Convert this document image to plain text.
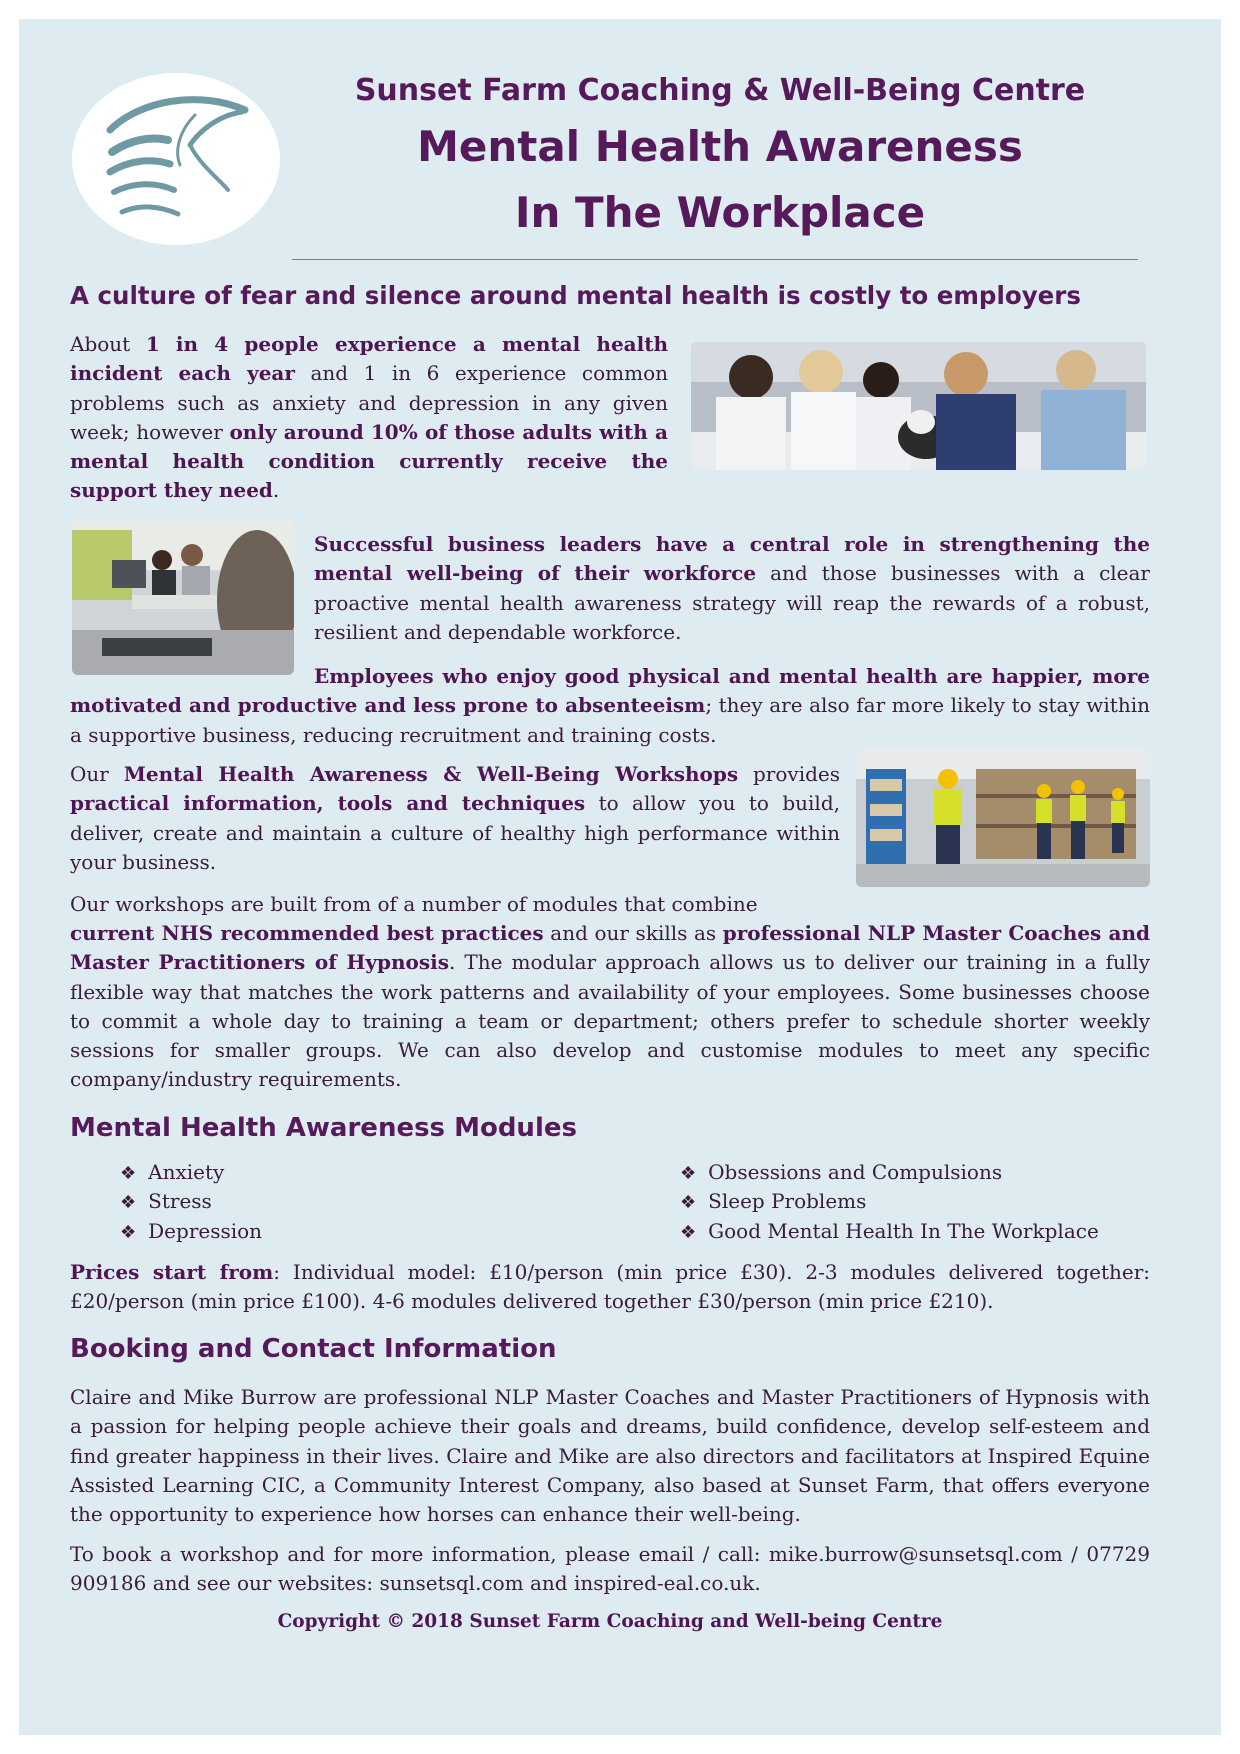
Sunset Farm Coaching & Well-Being Centre
Mental Health Awareness
In The Workplace
A culture of fear and silence around mental health is costly to employers

About 1 in 4 people experience a mental health incident each year and 1 in 6 experience common problems such as anxiety and depression in any given week; however only around 10% of those adults with a mental health condition currently receive the support they need.

Successful business leaders have a central role in strengthening the mental well-being of their workforce and those businesses with a clear proactive mental health awareness strategy will reap the rewards of a robust, resilient and dependable workforce.

Employees who enjoy good physical and mental health are happier, more motivated and productive and less prone to absenteeism; they are also far more likely to stay within a supportive business, reducing recruitment and training costs.

Our Mental Health Awareness & Well-Being Workshops provides practical information, tools and techniques to allow you to build, deliver, create and maintain a culture of healthy high performance within your business.

Our workshops are built from of a number of modules that combine

current NHS recommended best practices and our skills as professional NLP Master Coaches and Master Practitioners of Hypnosis. The modular approach allows us to deliver our training in a fully flexible way that matches the work patterns and availability of your employees. Some businesses choose to commit a whole day to training a team or department; others prefer to schedule shorter weekly sessions for smaller groups. We can also develop and customise modules to meet any specific company/industry requirements.

Mental Health Awareness Modules
❖ Anxiety
❖ Stress
❖ Depression
❖ Obsessions and Compulsions
❖ Sleep Problems
❖ Good Mental Health In The Workplace

Prices start from: Individual model: £10/person (min price £30). 2-3 modules delivered together: £20/person (min price £100). 4-6 modules delivered together £30/person (min price £210).

Booking and Contact Information

Claire and Mike Burrow are professional NLP Master Coaches and Master Practitioners of Hypnosis with a passion for helping people achieve their goals and dreams, build confidence, develop self-esteem and find greater happiness in their lives. Claire and Mike are also directors and facilitators at Inspired Equine Assisted Learning CIC, a Community Interest Company, also based at Sunset Farm, that offers everyone the opportunity to experience how horses can enhance their well-being.

To book a workshop and for more information, please email / call: mike.burrow@sunsetsql.com / 07729 909186 and see our websites: sunsetsql.com and inspired-eal.co.uk.

Copyright © 2018 Sunset Farm Coaching and Well-being Centre
